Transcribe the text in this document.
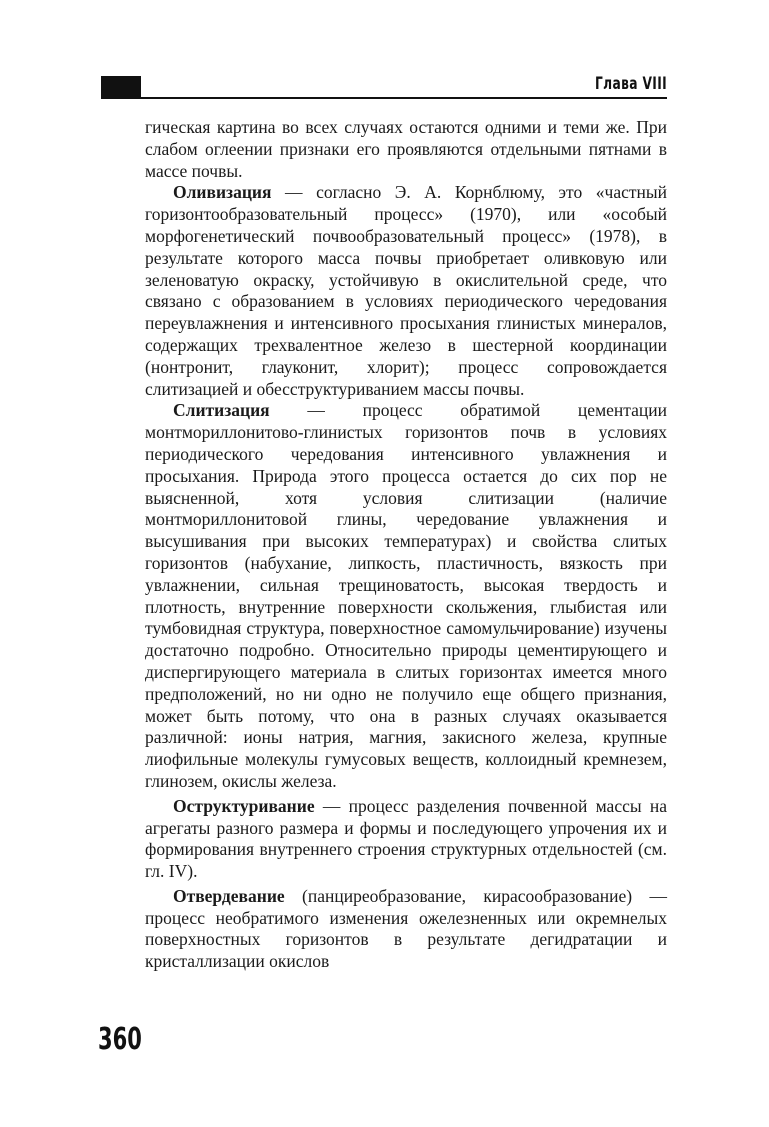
Глава VIII

гическая картина во всех случаях остаются одними и теми же. При слабом оглеении признаки его проявляются отдельными пятнами в массе почвы.

Оливизация — согласно Э. А. Корнблюму, это «частный горизонтообразовательный процесс» (1970), или «особый морфогенетический почвообразовательный процесс» (1978), в результате которого масса почвы приобретает оливковую или зеленоватую окраску, устойчивую в окислительной среде, что связано с образованием в условиях периодического чередования переувлажнения и интенсивного просыхания глинистых минералов, содержащих трехвалентное железо в шестерной координации (нонтронит, глауконит, хлорит); процесс сопровождается слитизацией и обесструктуриванием массы почвы.

Слитизация — процесс обратимой цементации монтмориллонитово-глинистых горизонтов почв в условиях периодического чередования интенсивного увлажнения и просыхания. Природа этого процесса остается до сих пор не выясненной, хотя условия слитизации (наличие монтмориллонитовой глины, чередование увлажнения и высушивания при высоких температурах) и свойства слитых горизонтов (набухание, липкость, пластичность, вязкость при увлажнении, сильная трещиноватость, высокая твердость и плотность, внутренние поверхности скольжения, глыбистая или тумбовидная структура, поверхностное самомульчирование) изучены достаточно подробно. Относительно природы цементирующего и диспергирующего материала в слитых горизонтах имеется много предположений, но ни одно не получило еще общего признания, может быть потому, что она в разных случаях оказывается различной: ионы натрия, магния, закисного железа, крупные лиофильные молекулы гумусовых веществ, коллоидный кремнезем, глинозем, окислы железа.

Оструктуривание — процесс разделения почвенной массы на агрегаты разного размера и формы и последующего упрочения их и формирования внутреннего строения структурных отдельностей (см. гл. IV).

Отвердевание (панцирeобразование, кирасообразование) — процесс необратимого изменения ожелезненных или окремнелых поверхностных горизонтов в результате дегидратации и кристаллизации окислов

360
